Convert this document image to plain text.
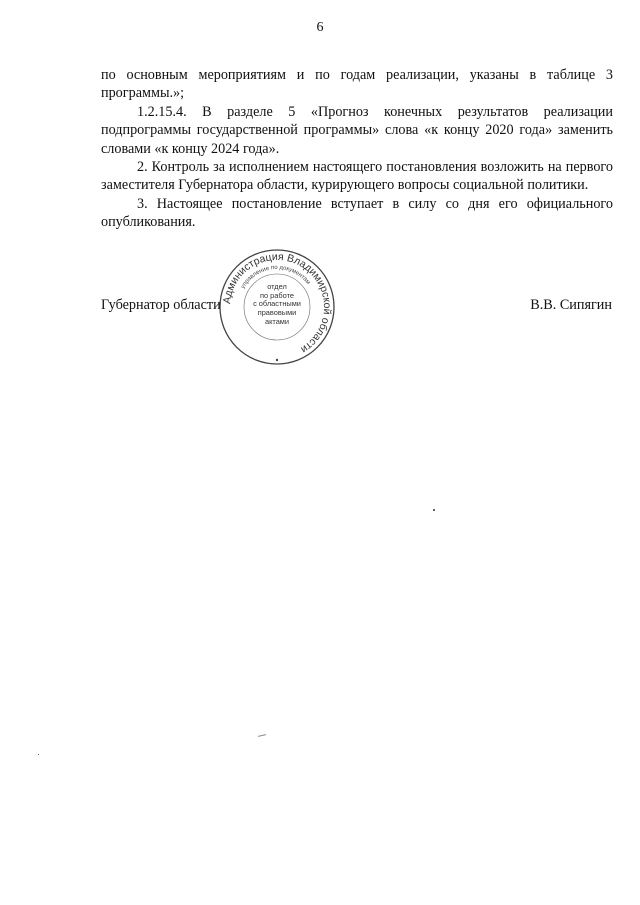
6

по основным мероприятиям и по годам реализации, указаны в таблице 3 программы.»;

1.2.15.4. В разделе 5 «Прогноз конечных результатов реализации подпрограммы государственной программы» слова «к концу 2020 года» заменить словами «к концу 2024 года».

2. Контроль за исполнением настоящего постановления возложить на первого заместителя Губернатора области, курирующего вопросы социальной политики.

3. Настоящее постановление вступает в силу со дня его официального опубликования.

Губернатор области	В.В. Сипягин
Администрация Владимирской области
управление по документам
отдел
по работе
с областными
правовыми
актами
